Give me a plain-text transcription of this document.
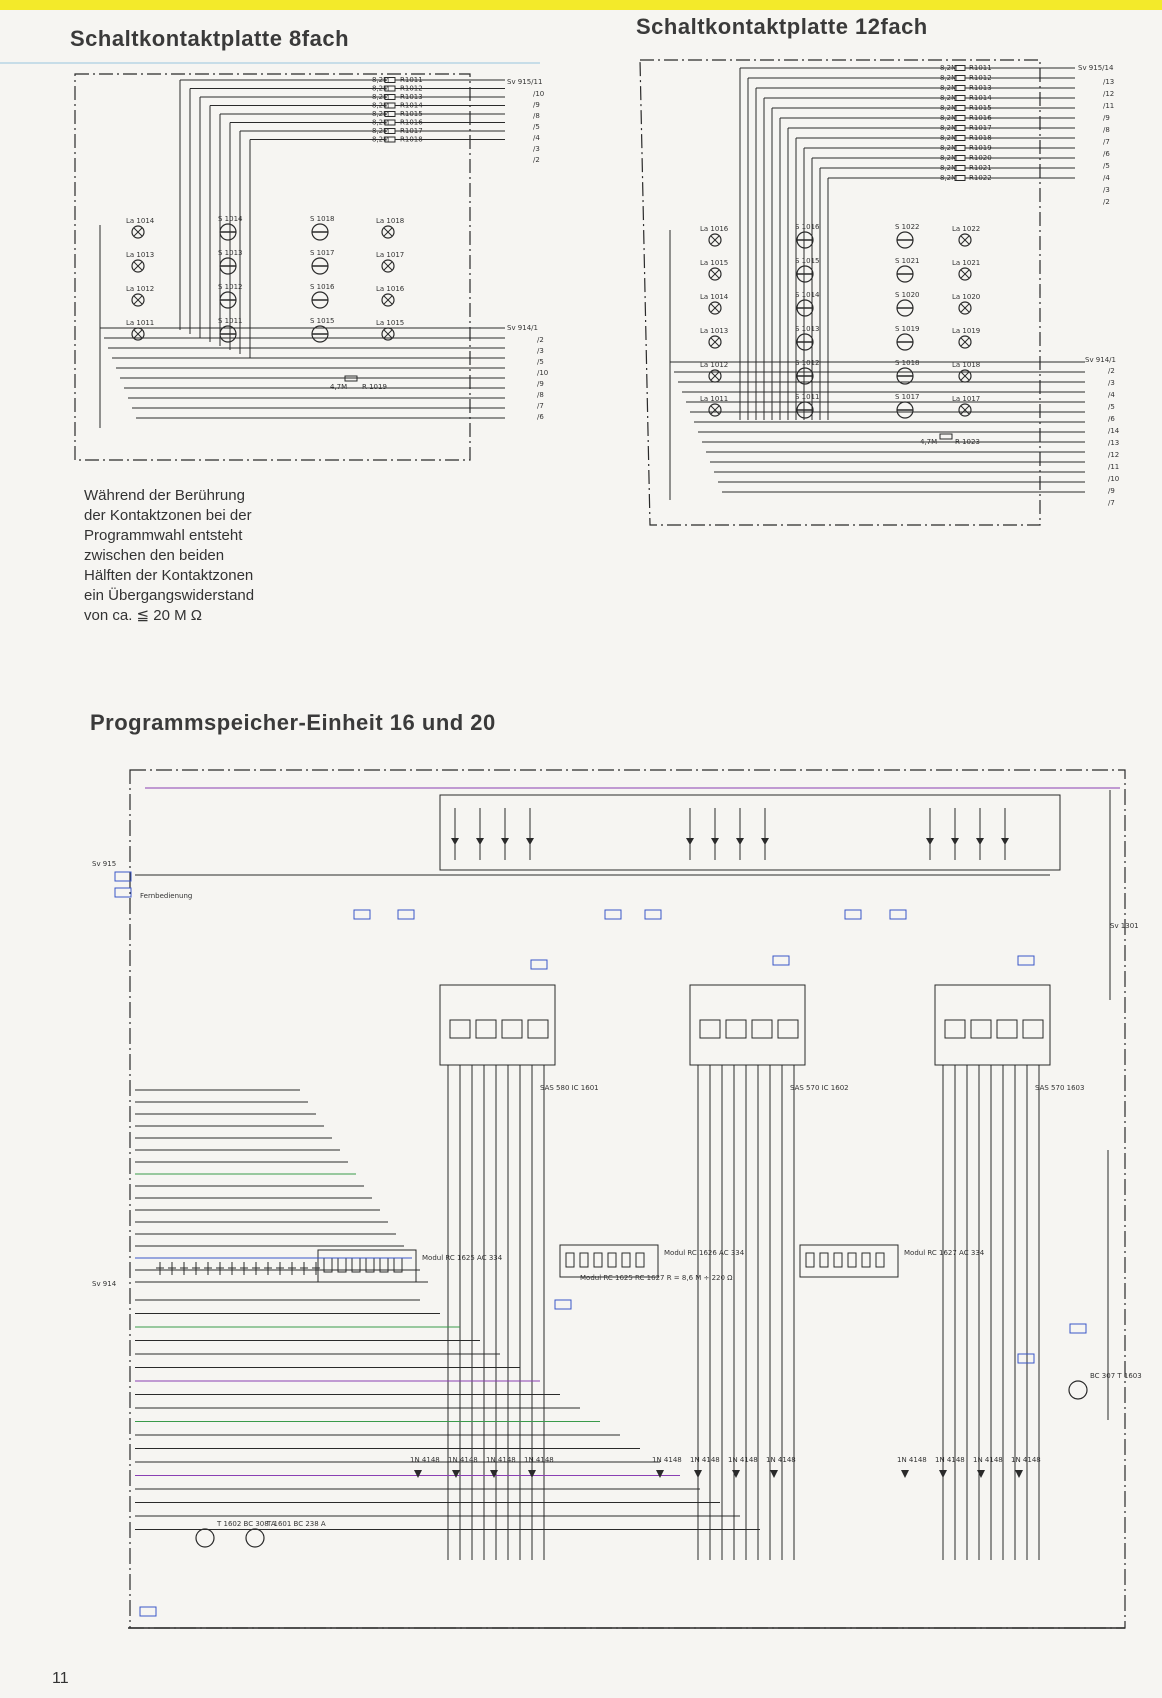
Schaltkontaktplatte 8fach	Schaltkontaktplatte 12fach
Programmspeicher-Einheit 16 und 20
Während der Berührung
der Kontaktzonen bei der
Programmwahl entsteht
zwischen den beiden
Hälften der Kontaktzonen
ein Übergangswiderstand
von ca. ≦ 20 M Ω
11
8,2M R1011
8,2M R1012
8,2M R1013
8,2M R1014
8,2M R1015
8,2M R1016
8,2M R1017
8,2M R1018
Sv 915/11
/10
/9
/8
/5
/4
/3
/2
La 1014	La 1018
S 1014	S 1018
La 1013	La 1017
S 1013	S 1017
La 1012	La 1016
S 1012	S 1016
La 1011	La 1015
S 1011	S 1015
4,7M R 1019
Sv 914/1
/2
/3
/5
/10
/9
/8
/7
/6
8,2M R1011
8,2M R1012
8,2M R1013
8,2M R1014
8,2M R1015
8,2M R1016
8,2M R1017
8,2M R1018
8,2M R1019
8,2M R1020
8,2M R1021
8,2M R1022
Sv 915/14
/13
/12
/11
/9
/8
/7
/6
/5
/4
/3
/2
La 1016	La 1022
S 1016	S 1022
La 1015	La 1021
S 1015	S 1021
La 1014	La 1020
S 1014	S 1020
La 1013	La 1019
S 1013	S 1019
La 1012	La 1018
S 1012	S 1018
La 1011	La 1017
S 1011	S 1017
4,7M	R 1023
Sv 914/1
/2
/3
/4
/5
/6
/14
/13
/12
/11
/10
/9
/7
SAS 580 IC 1601	SAS 570 IC 1602	SAS 570 1603
Modul RC 1625 AC 334
Modul RC 1626 AC 334	Modul RC 1627 AC 334
Modul RC 1625 RC 1627 R = 8,6 M ÷ 220 Ω
1N 4148 1N 4148 1N 4148 1N 4148	1N 4148 1N 4148 1N 4148 1N 4148	1N 4148 1N 4148 1N 4148 1N 4148
T 1602 BC 308 A
T 1601 BC 238 A
BC 307 T 1603
Sv 915
Sv 914
Sv 1301
Fernbedienung
